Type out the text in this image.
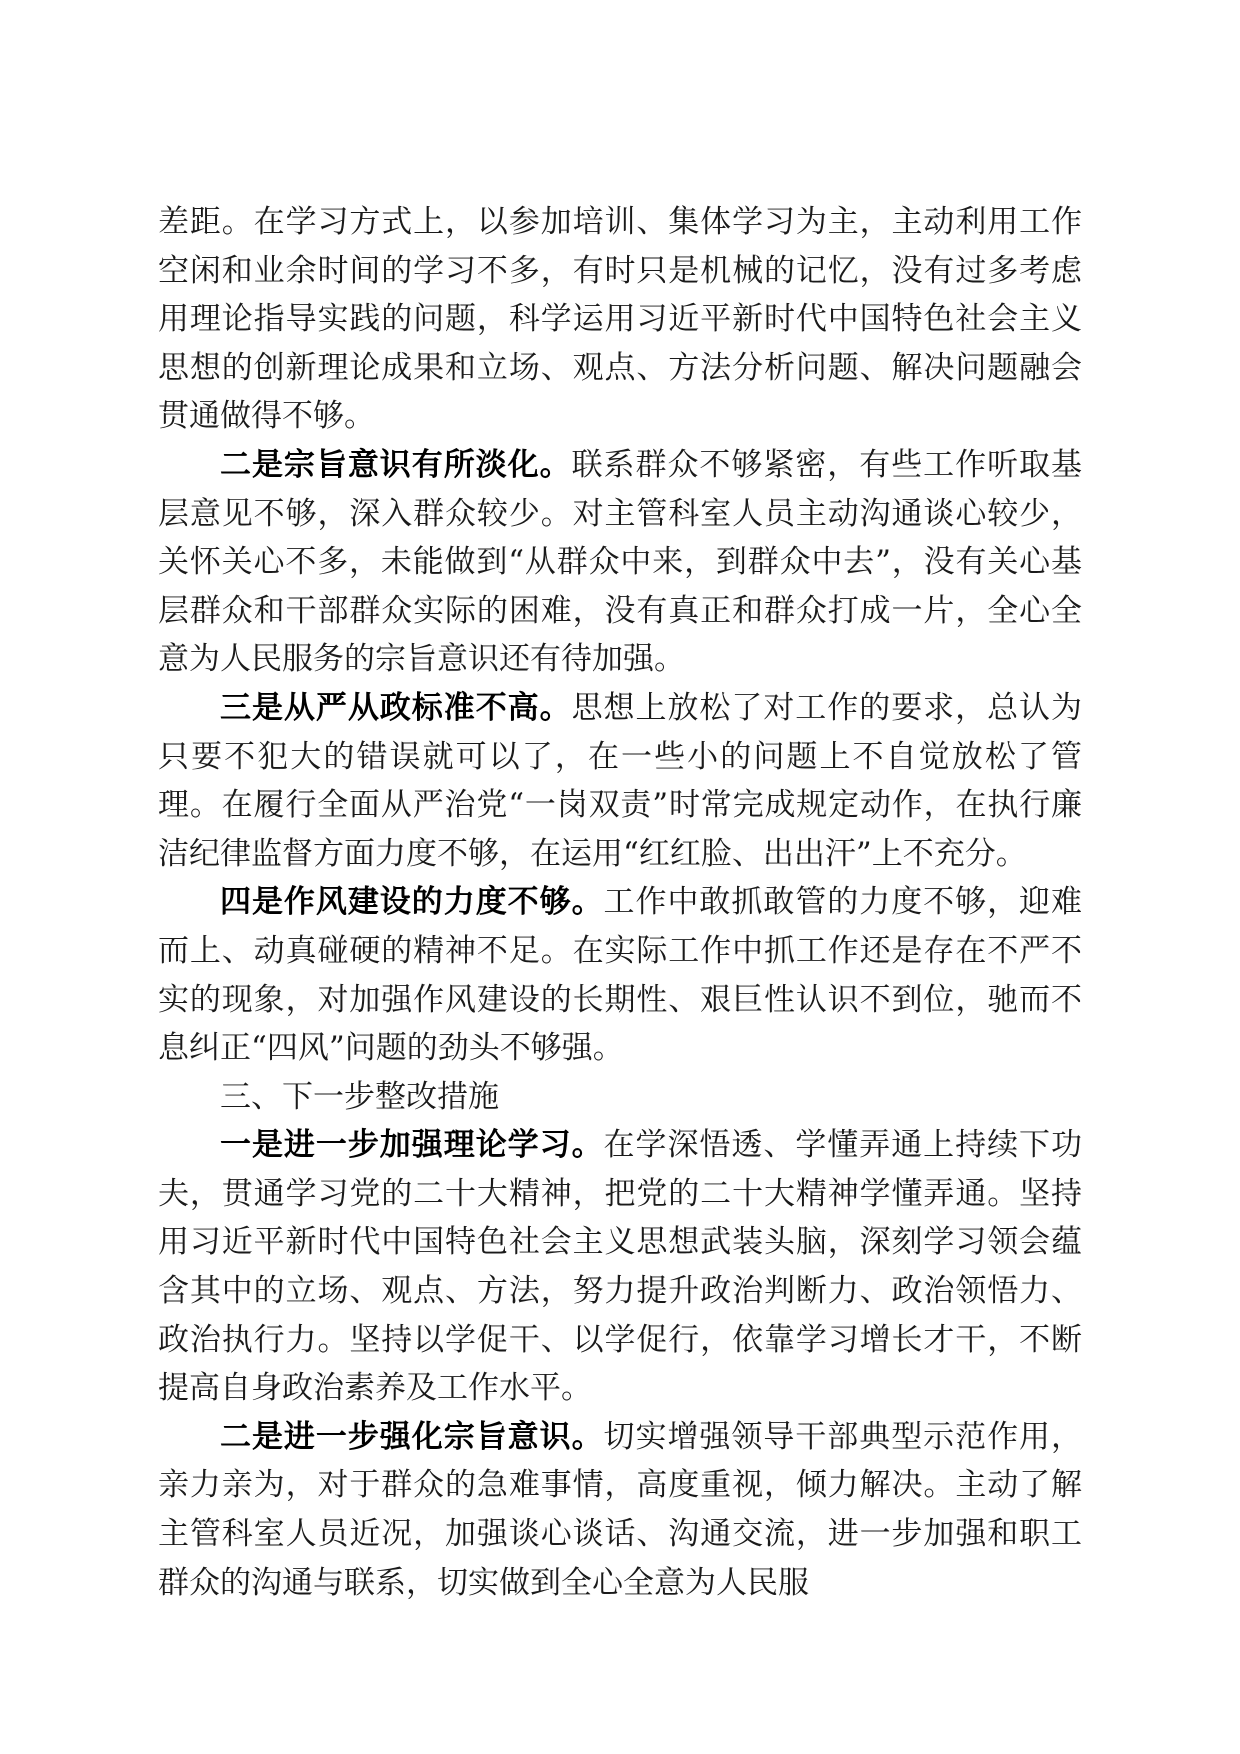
差距。在学习方式上，以参加培训、集体学习为主，主动利用工作空闲和业余时间的学习不多，有时只是机械的记忆，没有过多考虑用理论指导实践的问题，科学运用习近平新时代中国特色社会主义思想的创新理论成果和立场、观点、方法分析问题、解决问题融会贯通做得不够。

二是宗旨意识有所淡化。联系群众不够紧密，有些工作听取基层意见不够，深入群众较少。对主管科室人员主动沟通谈心较少，关怀关心不多，未能做到“从群众中来，到群众中去”，没有关心基层群众和干部群众实际的困难，没有真正和群众打成一片，全心全意为人民服务的宗旨意识还有待加强。

三是从严从政标准不高。思想上放松了对工作的要求，总认为只要不犯大的错误就可以了，在一些小的问题上不自觉放松了管理。在履行全面从严治党“一岗双责”时常完成规定动作，在执行廉洁纪律监督方面力度不够，在运用“红红脸、出出汗”上不充分。

四是作风建设的力度不够。工作中敢抓敢管的力度不够，迎难而上、动真碰硬的精神不足。在实际工作中抓工作还是存在不严不实的现象，对加强作风建设的长期性、艰巨性认识不到位，驰而不息纠正“四风”问题的劲头不够强。

三、下一步整改措施

一是进一步加强理论学习。在学深悟透、学懂弄通上持续下功夫，贯通学习党的二十大精神，把党的二十大精神学懂弄通。坚持用习近平新时代中国特色社会主义思想武装头脑，深刻学习领会蕴含其中的立场、观点、方法，努力提升政治判断力、政治领悟力、政治执行力。坚持以学促干、以学促行，依靠学习增长才干，不断提高自身政治素养及工作水平。

二是进一步强化宗旨意识。切实增强领导干部典型示范作用，亲力亲为，对于群众的急难事情，高度重视，倾力解决。主动了解主管科室人员近况，加强谈心谈话、沟通交流，进一步加强和职工群众的沟通与联系，切实做到全心全意为人民服
